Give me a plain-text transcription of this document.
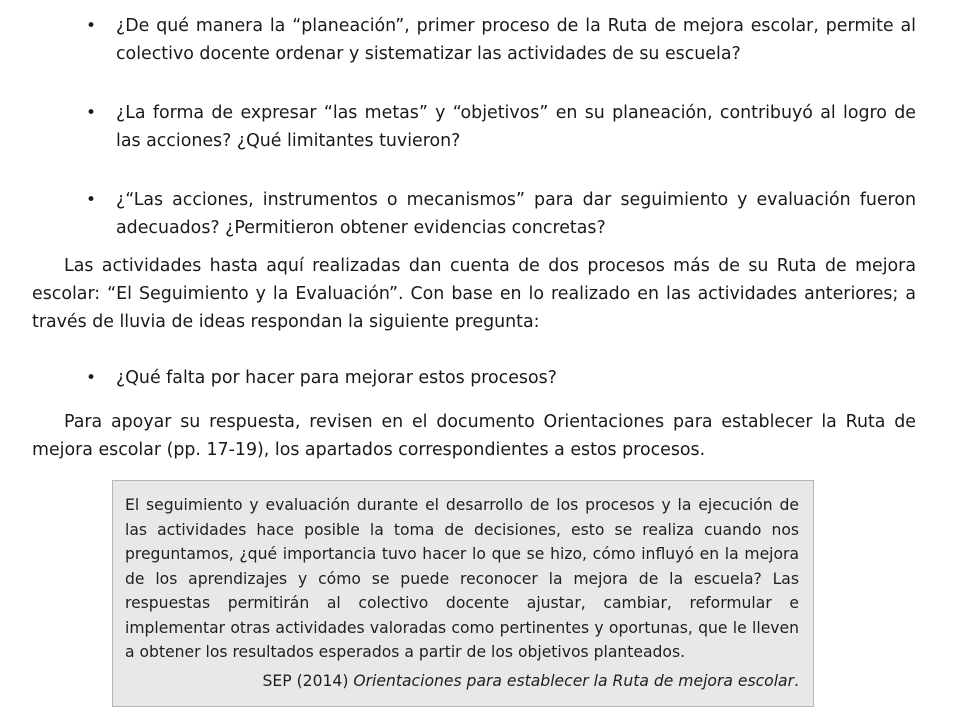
• ¿De qué manera la “planeación”, primer proceso de la Ruta de mejora escolar, permite al colectivo docente ordenar y sistematizar las actividades de su escuela?
• ¿La forma de expresar “las metas” y “objetivos” en su planeación, contribuyó al logro de las acciones? ¿Qué limitantes tuvieron?
• ¿“Las acciones, instrumentos o mecanismos” para dar seguimiento y evaluación fueron adecuados? ¿Permitieron obtener evidencias concretas?

Las actividades hasta aquí realizadas dan cuenta de dos procesos más de su Ruta de mejora escolar: “El Seguimiento y la Evaluación”. Con base en lo realizado en las actividades anteriores; a través de lluvia de ideas respondan la siguiente pregunta:

• ¿Qué falta por hacer para mejorar estos procesos?

Para apoyar su respuesta, revisen en el documento Orientaciones para establecer la Ruta de mejora escolar (pp. 17-19), los apartados correspondientes a estos procesos.

El seguimiento y evaluación durante el desarrollo de los procesos y la ejecución de las actividades hace posible la toma de decisiones, esto se realiza cuando nos preguntamos, ¿qué importancia tuvo hacer lo que se hizo, cómo influyó en la mejora de los aprendizajes y cómo se puede reconocer la mejora de la escuela? Las respuestas permitirán al colectivo docente ajustar, cambiar, reformular e implementar otras actividades valoradas como pertinentes y oportunas, que le lleven a obtener los resultados esperados a partir de los objetivos planteados.

SEP (2014) Orientaciones para establecer la Ruta de mejora escolar.
